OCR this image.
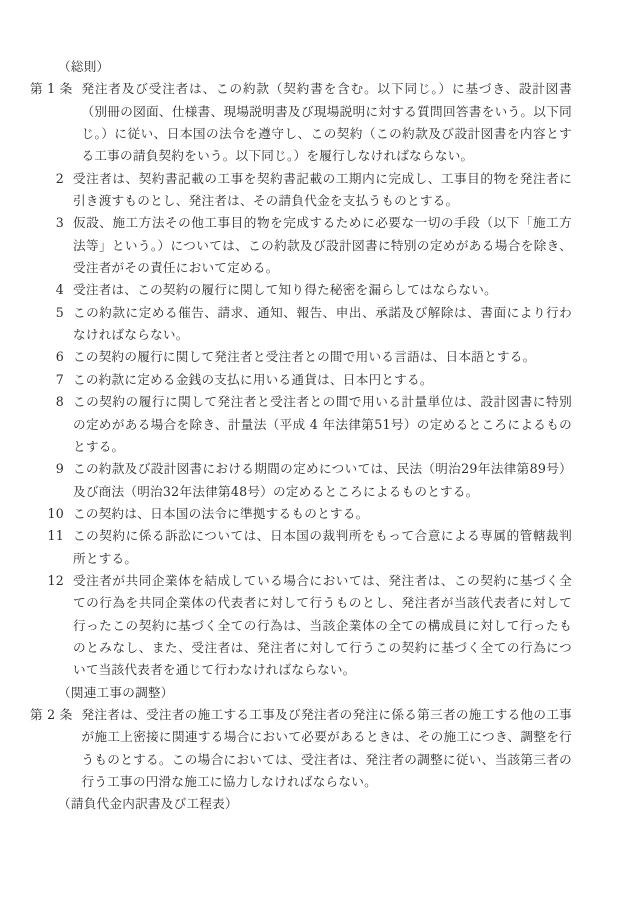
（総則）
第 1 条 発注者及び受注者は、この約款（契約書を含む。以下同じ。）に基づき、設計図書（別冊の図面、仕様書、現場説明書及び現場説明に対する質問回答書をいう。以下同じ。）に従い、日本国の法令を遵守し、この契約（この約款及び設計図書を内容とする工事の請負契約をいう。以下同じ。）を履行しなければならない。
2 受注者は、契約書記載の工事を契約書記載の工期内に完成し、工事目的物を発注者に引き渡すものとし、発注者は、その請負代金を支払うものとする。
3 仮設、施工方法その他工事目的物を完成するために必要な一切の手段（以下「施工方法等」という。）については、この約款及び設計図書に特別の定めがある場合を除き、受注者がその責任において定める。
4 受注者は、この契約の履行に関して知り得た秘密を漏らしてはならない。
5 この約款に定める催告、請求、通知、報告、申出、承諾及び解除は、書面により行わなければならない。
6 この契約の履行に関して発注者と受注者との間で用いる言語は、日本語とする。
7 この約款に定める金銭の支払に用いる通貨は、日本円とする。
8 この契約の履行に関して発注者と受注者との間で用いる計量単位は、設計図書に特別の定めがある場合を除き、計量法（平成 4 年法律第51号）の定めるところによるものとする。
9 この約款及び設計図書における期間の定めについては、民法（明治29年法律第89号）及び商法（明治32年法律第48号）の定めるところによるものとする。
10 この契約は、日本国の法令に準拠するものとする。
11 この契約に係る訴訟については、日本国の裁判所をもって合意による専属的管轄裁判所とする。
12 受注者が共同企業体を結成している場合においては、発注者は、この契約に基づく全ての行為を共同企業体の代表者に対して行うものとし、発注者が当該代表者に対して行ったこの契約に基づく全ての行為は、当該企業体の全ての構成員に対して行ったものとみなし、また、受注者は、発注者に対して行うこの契約に基づく全ての行為について当該代表者を通じて行わなければならない。
（関連工事の調整）
第 2 条 発注者は、受注者の施工する工事及び発注者の発注に係る第三者の施工する他の工事が施工上密接に関連する場合において必要があるときは、その施工につき、調整を行うものとする。この場合においては、受注者は、発注者の調整に従い、当該第三者の行う工事の円滑な施工に協力しなければならない。
（請負代金内訳書及び工程表）
